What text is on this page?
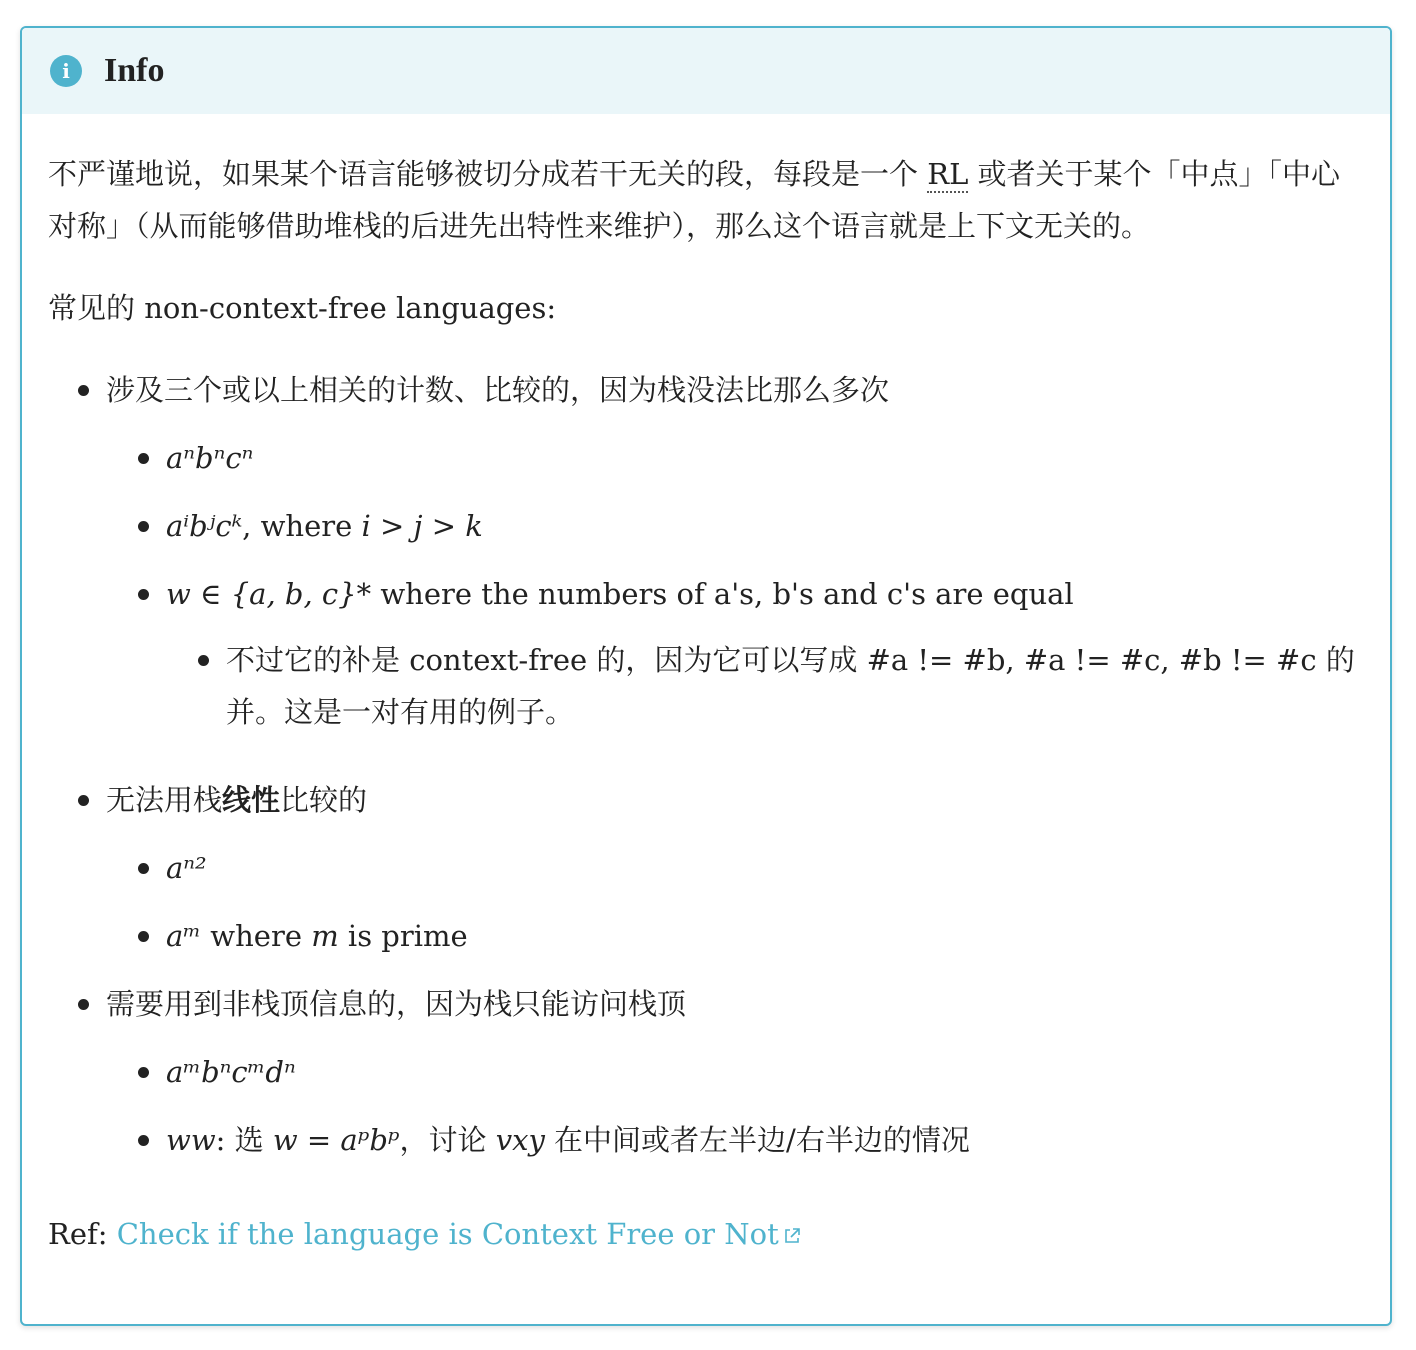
i	Info

不严谨地说，如果某个语言能够被切分成若干无关的段，每段是一个 RL 或者关于某个「中点」「中心对称」（从而能够借助堆栈的后进先出特性来维护），那么这个语言就是上下文无关的。

常见的 non-context-free languages:

涉及三个或以上相关的计数、比较的，因为栈没法比那么多次
aⁿbⁿcⁿ
aⁱbʲcᵏ, where i > j > k
w ∈ {a, b, c}* where the numbers of a's, b's and c's are equal
不过它的补是 context-free 的，因为它可以写成 #a != #b, #a != #c, #b != #c 的并。这是一对有用的例子。
无法用栈线性比较的
aⁿ²
aᵐ where m is prime
需要用到非栈顶信息的，因为栈只能访问栈顶
aᵐbⁿcᵐdⁿ
ww: 选 w = aᵖbᵖ，讨论 vxy 在中间或者左半边/右半边的情况

Ref: Check if the language is Context Free or Not
